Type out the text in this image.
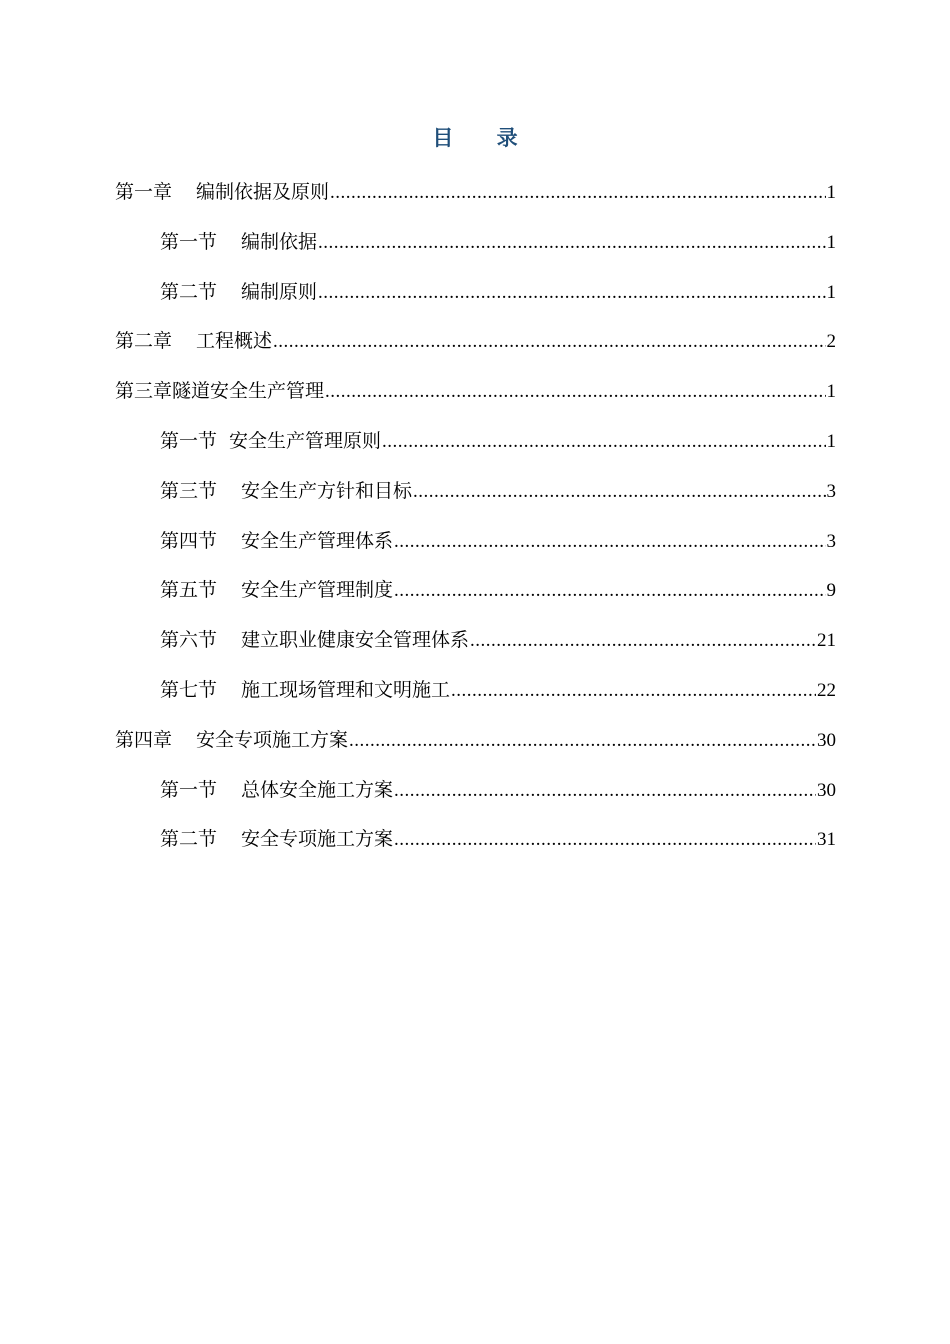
目 录
第一章 编制依据及原则 .....	1
第一节 编制依据 .....	1
第二节 编制原则 .....	1
第二章 工程概述 .....	2
第三章隧道安全生产管理 .....	1
第一节 安全生产管理原则 .....	1
第三节 安全生产方针和目标 .....	3
第四节 安全生产管理体系 .....	3
第五节 安全生产管理制度 .....	9
第六节 建立职业健康安全管理体系 .....	21
第七节 施工现场管理和文明施工 .....	22
第四章 安全专项施工方案 .....	30
第一节 总体安全施工方案 .....	30
第二节 安全专项施工方案 .....	31
